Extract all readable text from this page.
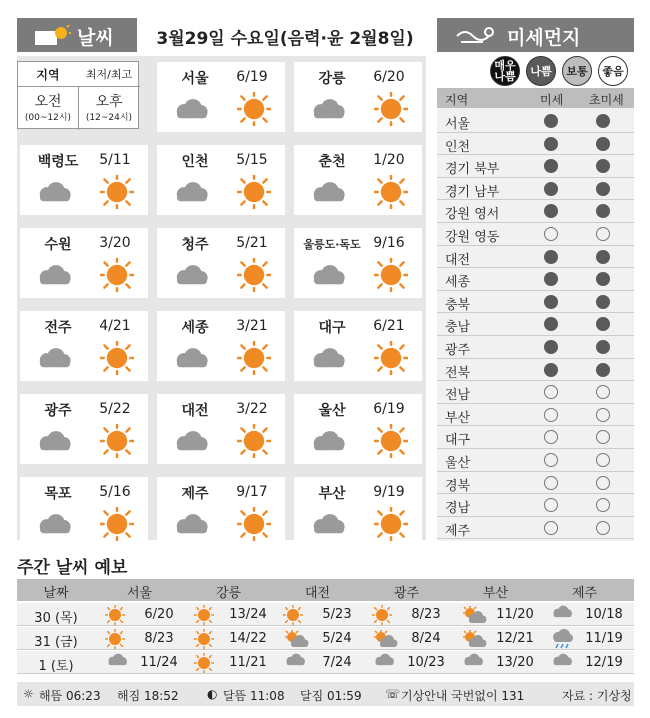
날씨	3월29일 수요일(음력·윤 2월8일)	미세먼지
매우나쁨	나쁨	보통	좋음
서울	6/19	강릉	6/20
백령도	5/11	인천	5/15	춘천	1/20
수원	3/20	청주	5/21	울릉도·독도 9/16
전주	4/21	세종	3/21	대구	6/21
광주	5/22	대전	3/22	울산	6/19
목포	5/16	제주	9/17	부산	9/19
지역	최저/최고
오전
(00~12시)
오후
(12~24시)
지역	미세 초미세
서울
인천
경기 북부
경기 남부
강원 영서
강원 영동
대전
세종
충북
충남
광주
전북
전남
부산
대구
울산
경북
경남
제주
주간 날씨 예보
날짜	서울	강릉	대전	광주	부산	제주
30 (목)	6/20	13/24	5/23	8/23	11/20	10/18
31 (금)	8/23	14/22	5/24	8/24	12/21	11/19
1 (토)	11/24	11/21	7/24	10/23	13/20	12/19
☼ 해뜸 06:23 해짐 18:52 ◐ 달뜸 11:08 달짐 01:59 ☏ 기상안내 국번없이 131	자료 : 기상청
